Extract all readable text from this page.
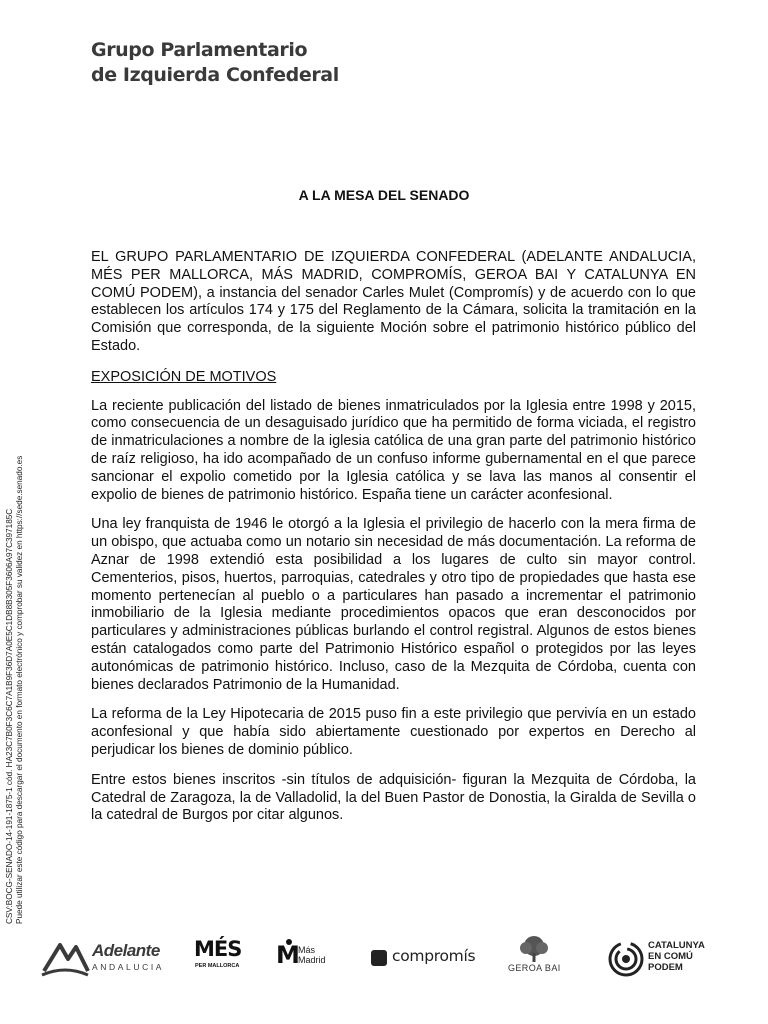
Grupo Parlamentario
de Izquierda Confederal
A LA MESA DEL SENADO

EL GRUPO PARLAMENTARIO DE IZQUIERDA CONFEDERAL (ADELANTE ANDALUCIA, MÉS PER MALLORCA, MÁS MADRID, COMPROMÍS, GEROA BAI Y CATALUNYA EN COMÚ PODEM), a instancia del senador Carles Mulet (Compromís) y de acuerdo con lo que establecen los artículos 174 y 175 del Reglamento de la Cámara, solicita la tramitación en la Comisión que corresponda, de la siguiente Moción sobre el patrimonio histórico público del Estado.

EXPOSICIÓN DE MOTIVOS

La reciente publicación del listado de bienes inmatriculados por la Iglesia entre 1998 y 2015, como consecuencia de un desaguisado jurídico que ha permitido de forma viciada, el registro de inmatriculaciones a nombre de la iglesia católica de una gran parte del patrimonio histórico de raíz religioso, ha ido acompañado de un confuso informe gubernamental en el que parece sancionar el expolio cometido por la Iglesia católica y se lava las manos al consentir el expolio de bienes de patrimonio histórico. España tiene un carácter aconfesional.

Una ley franquista de 1946 le otorgó a la Iglesia el privilegio de hacerlo con la mera firma de un obispo, que actuaba como un notario sin necesidad de más documentación. La reforma de Aznar de 1998 extendió esta posibilidad a los lugares de culto sin mayor control. Cementerios, pisos, huertos, parroquias, catedrales y otro tipo de propiedades que hasta ese momento pertenecían al pueblo o a particulares han pasado a incrementar el patrimonio inmobiliario de la Iglesia mediante procedimientos opacos que eran desconocidos por particulares y administraciones públicas burlando el control registral. Algunos de estos bienes están catalogados como parte del Patrimonio Histórico español o protegidos por las leyes autonómicas de patrimonio histórico. Incluso, caso de la Mezquita de Córdoba, cuenta con bienes declarados Patrimonio de la Humanidad.

La reforma de la Ley Hipotecaria de 2015 puso fin a este privilegio que pervivía en un estado aconfesional y que había sido abiertamente cuestionado por expertos en Derecho al perjudicar los bienes de dominio público.

Entre estos bienes inscritos -sin títulos de adquisición- figuran la Mezquita de Córdoba, la Catedral de Zaragoza, la de Valladolid, la del Buen Pastor de Donostia, la Giralda de Sevilla o la catedral de Burgos por citar algunos.

CSV:BOCG-SENADO-14-191-1875-1 cód. HA23C7B0F3C6C7A1B9F36D7A0E5C1DB8B305F3606A97C397185C Puede utilizar este código para descargar el documento en formato electrónico y comprobar su validez en https://sede.senado.es
Adelante
ANDALUCIA
MÉS
PER MALLORCA M
Más
Madrid	compromís
GEROA BAI
CATALUNYA
EN COMÚ
PODEM
